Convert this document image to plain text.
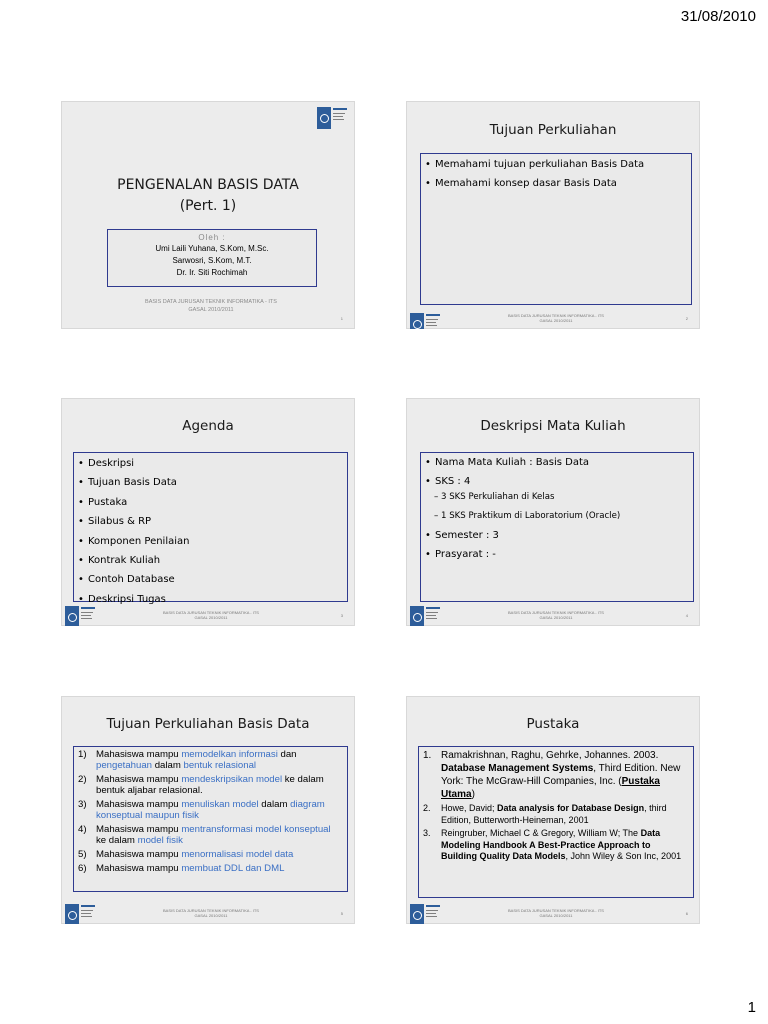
31/08/2010
PENGENALAN BASIS DATA
(Pert. 1)
Oleh :
Umi Laili Yuhana, S.Kom, M.Sc.
Sarwosri, S.Kom, M.T.
Dr. Ir. Siti Rochimah
BASIS DATA JURUSAN TEKNIK INFORMATIKA - ITS
GASAL 2010/2011
1
Tujuan Perkuliahan
• Memahami tujuan perkuliahan Basis Data
• Memahami konsep dasar Basis Data
BASIS DATA JURUSAN TEKNIK INFORMATIKA - ITS
GASAL 2010/2011	2
Agenda
• Deskripsi
• Tujuan Basis Data
• Pustaka
• Silabus & RP
• Komponen Penilaian
• Kontrak Kuliah
• Contoh Database
• Deskripsi Tugas
BASIS DATA JURUSAN TEKNIK INFORMATIKA - ITS
GASAL 2010/2011	3
Deskripsi Mata Kuliah
• Nama Mata Kuliah : Basis Data
• SKS : 4
– 3 SKS Perkuliahan di Kelas
– 1 SKS Praktikum di Laboratorium (Oracle)
• Semester : 3
• Prasyarat : -
BASIS DATA JURUSAN TEKNIK INFORMATIKA - ITS
GASAL 2010/2011	4
Tujuan Perkuliahan Basis Data
1) Mahasiswa mampu memodelkan informasi dan pengetahuan dalam bentuk relasional
2) Mahasiswa mampu mendeskripsikan model ke dalam bentuk aljabar relasional.
3) Mahasiswa mampu menuliskan model dalam diagram konseptual maupun fisik
4) Mahasiswa mampu mentransformasi model konseptual ke dalam model fisik
5) Mahasiswa mampu menormalisasi model data
6) Mahasiswa mampu membuat DDL dan DML
BASIS DATA JURUSAN TEKNIK INFORMATIKA - ITS
GASAL 2010/2011	5
Pustaka
1. Ramakrishnan, Raghu, Gehrke, Johannes. 2003. Database Management Systems, Third Edition. New York: The McGraw-Hill Companies, Inc. (Pustaka Utama)
2.	Howe, David; Data analysis for Database Design, third Edition, Butterworth-Heineman, 2001
3.	Reingruber, Michael C & Gregory, William W; The Data Modeling Handbook A Best-Practice Approach to Building Quality Data Models, John Wiley & Son Inc, 2001
BASIS DATA JURUSAN TEKNIK INFORMATIKA - ITS
GASAL 2010/2011	6
1
